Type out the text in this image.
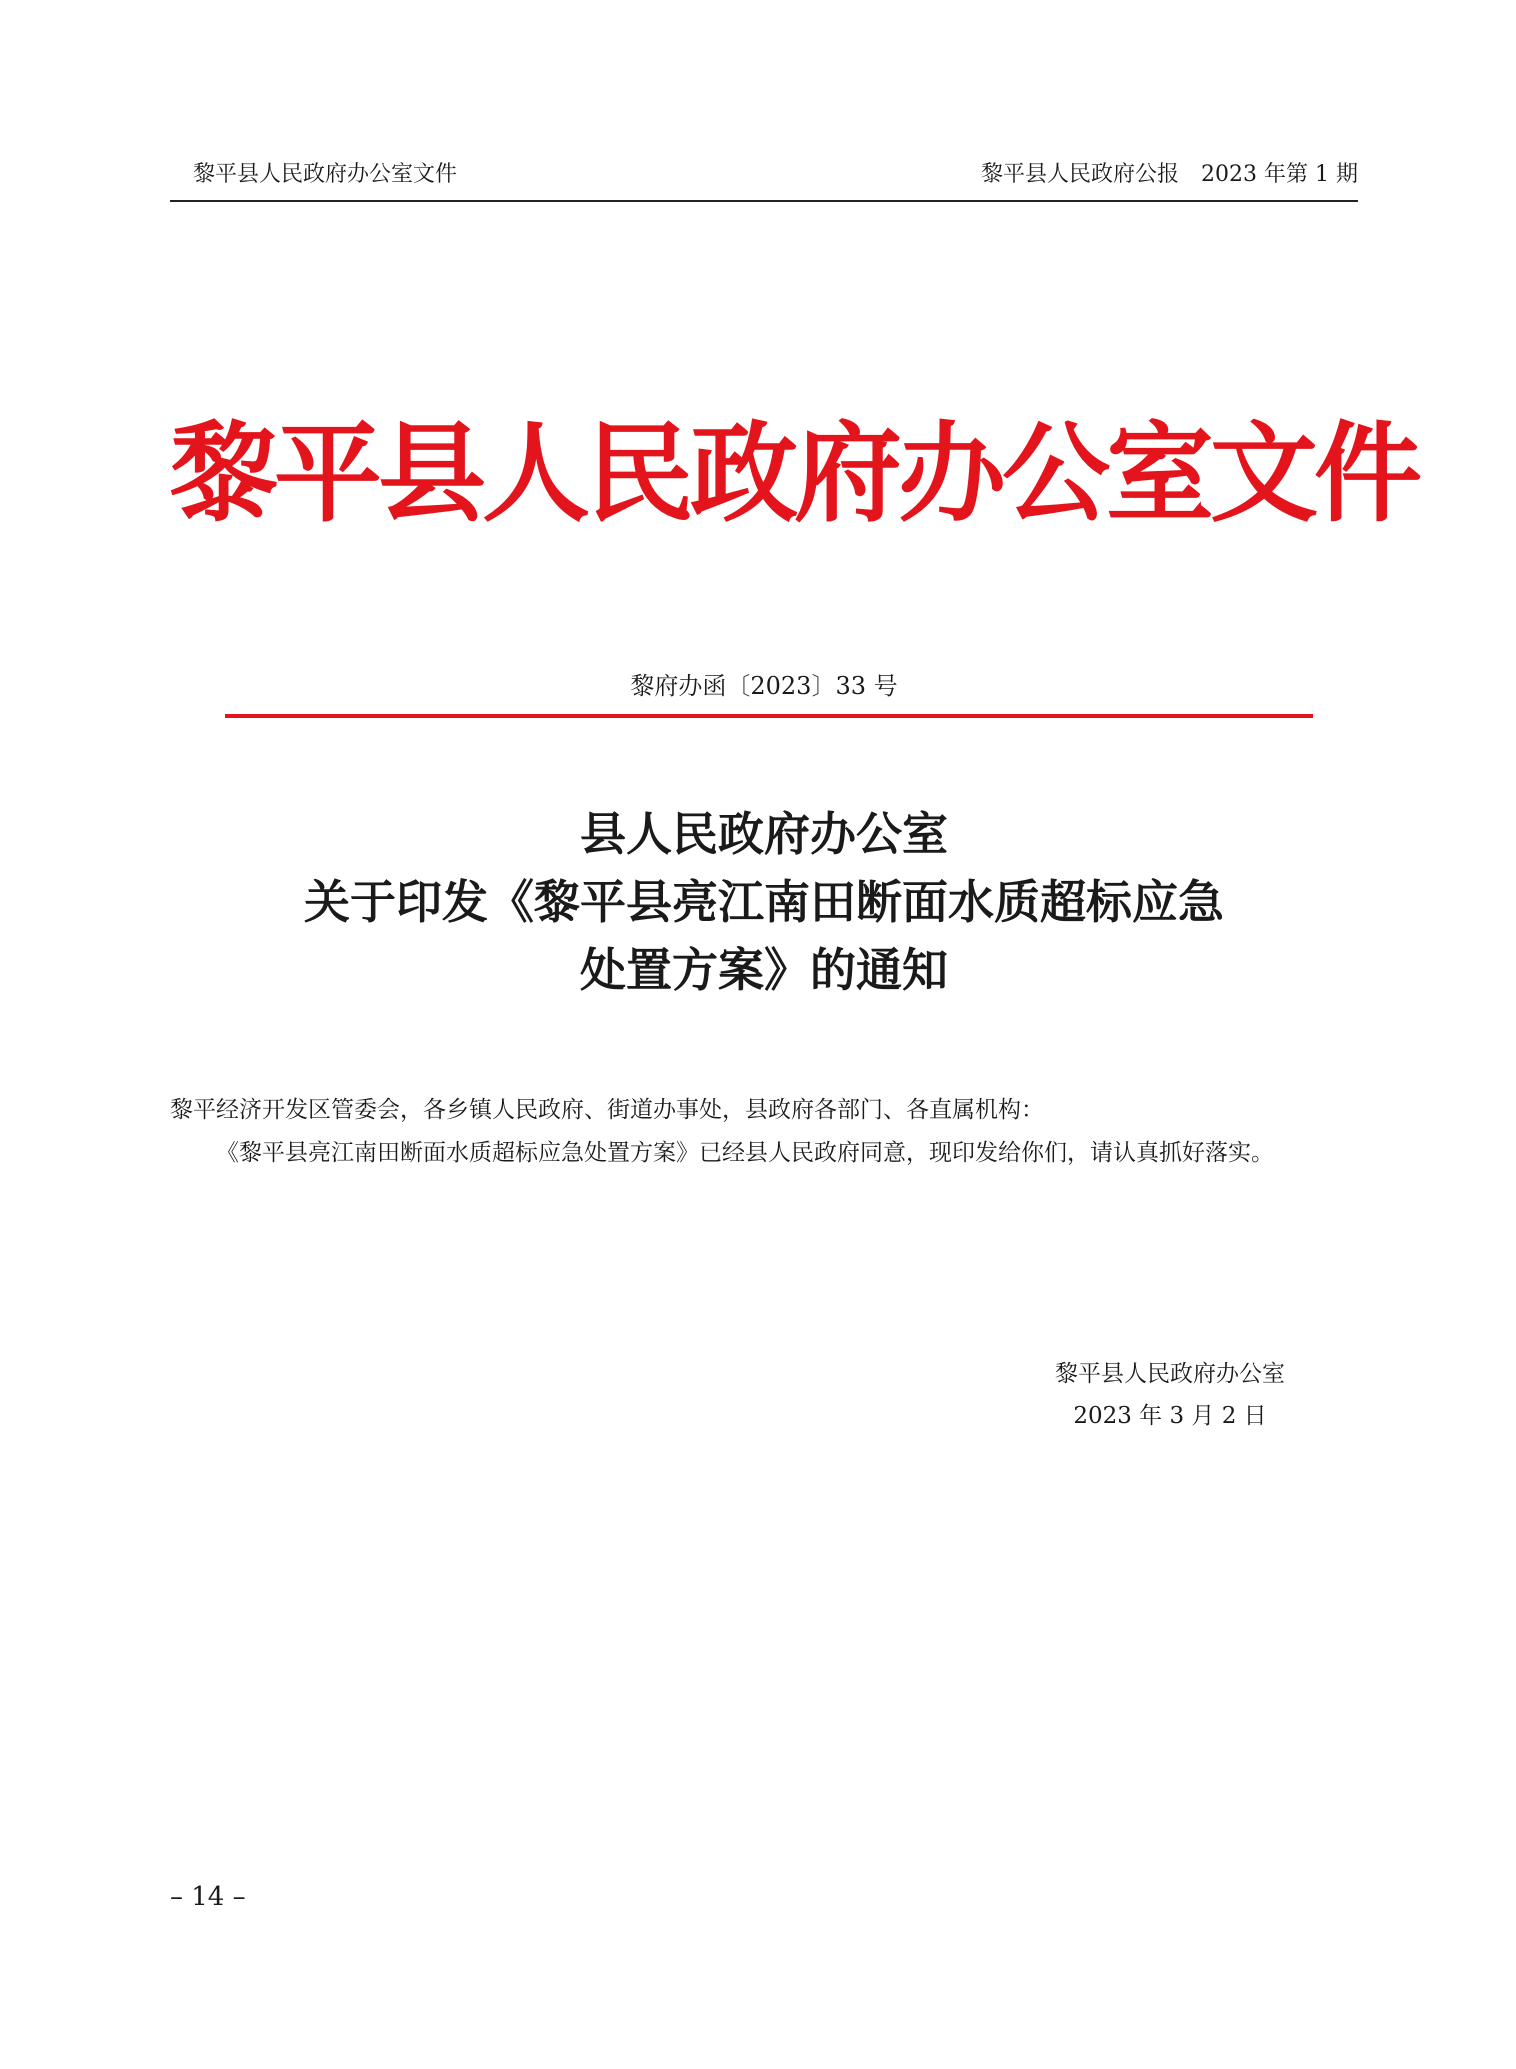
黎平县人民政府办公室文件	黎平县人民政府公报　2023 年第 1 期
黎平县人民政府办公室文件
黎府办函〔2023〕33 号
县人民政府办公室
关于印发《黎平县亮江南田断面水质超标应急
处置方案》的通知
黎平经济开发区管委会，各乡镇人民政府、街道办事处，县政府各部门、各直属机构：
《黎平县亮江南田断面水质超标应急处置方案》已经县人民政府同意，现印发给你们，请认真抓好落实。
黎平县人民政府办公室
2023 年 3 月 2 日
– 14 –
